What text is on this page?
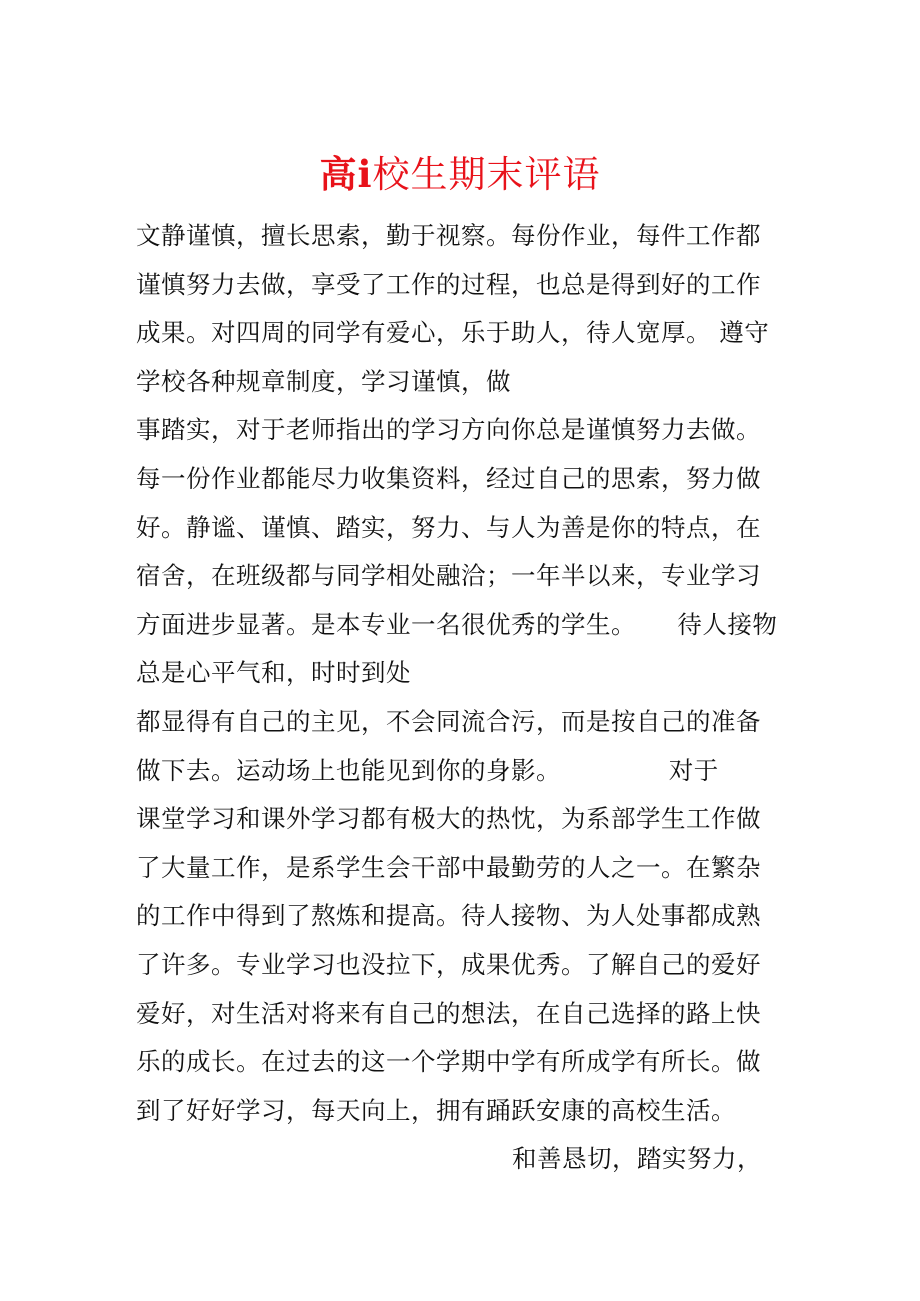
高i校生期末评语
文静谨慎，擅长思索，勤于视察。每份作业，每件工作都
谨慎努力去做，享受了工作的过程，也总是得到好的工作
成果。对四周的同学有爱心，乐于助人，待人宽厚。 遵守
学校各种规章制度，学习谨慎，做
事踏实，对于老师指出的学习方向你总是谨慎努力去做。
每一份作业都能尽力收集资料，经过自己的思索，努力做
好。静谧、谨慎、踏实，努力、与人为善是你的特点，在
宿舍，在班级都与同学相处融洽；一年半以来，专业学习
方面进步显著。是本专业一名很优秀的学生。     待人接物
总是心平气和，时时到处
都显得有自己的主见，不会同流合污，而是按自己的准备
做下去。运动场上也能见到你的身影。             对于
课堂学习和课外学习都有极大的热忱，为系部学生工作做
了大量工作，是系学生会干部中最勤劳的人之一。在繁杂
的工作中得到了熬炼和提高。待人接物、为人处事都成熟
了许多。专业学习也没拉下，成果优秀。了解自己的爱好
爱好，对生活对将来有自己的想法，在自己选择的路上快
乐的成长。在过去的这一个学期中学有所成学有所长。做
到了好好学习，每天向上，拥有踊跃安康的高校生活。
和善恳切，踏实努力，
